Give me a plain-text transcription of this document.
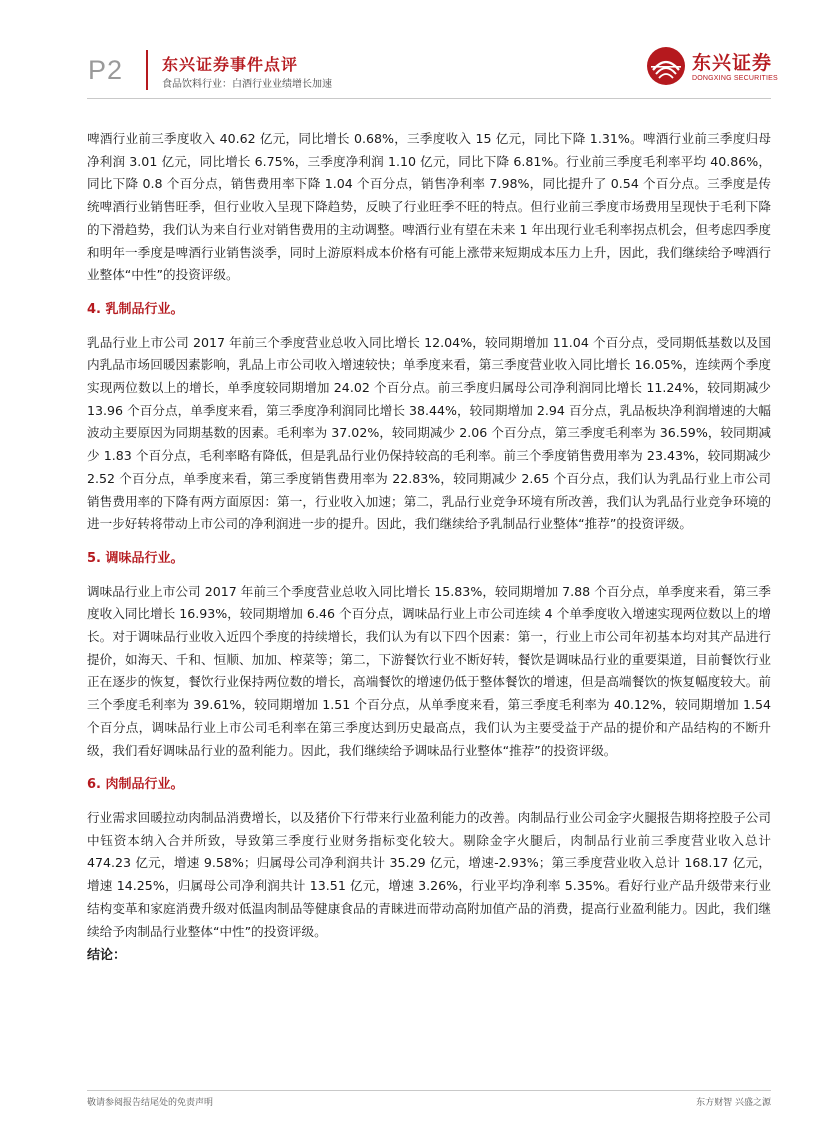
P2 东兴证券事件点评
食品饮料行业：白酒行业业绩增长加速
东兴证券
DONGXING SECURITIES

啤酒行业前三季度收入 40.62 亿元，同比增长 0.68%，三季度收入 15 亿元，同比下降 1.31%。啤酒行业前三季度归母净利润 3.01 亿元，同比增长 6.75%，三季度净利润 1.10 亿元，同比下降 6.81%。行业前三季度毛利率平均 40.86%，同比下降 0.8 个百分点，销售费用率下降 1.04 个百分点，销售净利率 7.98%，同比提升了 0.54 个百分点。三季度是传统啤酒行业销售旺季，但行业收入呈现下降趋势，反映了行业旺季不旺的特点。但行业前三季度市场费用呈现快于毛利下降的下滑趋势，我们认为来自行业对销售费用的主动调整。啤酒行业有望在未来 1 年出现行业毛利率拐点机会，但考虑四季度和明年一季度是啤酒行业销售淡季，同时上游原料成本价格有可能上涨带来短期成本压力上升，因此，我们继续给予啤酒行业整体“中性”的投资评级。

4. 乳制品行业。

乳品行业上市公司 2017 年前三个季度营业总收入同比增长 12.04%，较同期增加 11.04 个百分点，受同期低基数以及国内乳品市场回暖因素影响，乳品上市公司收入增速较快；单季度来看，第三季度营业收入同比增长 16.05%，连续两个季度实现两位数以上的增长，单季度较同期增加 24.02 个百分点。前三季度归属母公司净利润同比增长 11.24%，较同期减少 13.96 个百分点，单季度来看，第三季度净利润同比增长 38.44%，较同期增加 2.94 百分点，乳品板块净利润增速的大幅波动主要原因为同期基数的因素。毛利率为 37.02%，较同期减少 2.06 个百分点，第三季度毛利率为 36.59%，较同期减少 1.83 个百分点，毛利率略有降低，但是乳品行业仍保持较高的毛利率。前三个季度销售费用率为 23.43%，较同期减少 2.52 个百分点，单季度来看，第三季度销售费用率为 22.83%，较同期减少 2.65 个百分点，我们认为乳品行业上市公司销售费用率的下降有两方面原因：第一，行业收入加速；第二，乳品行业竞争环境有所改善，我们认为乳品行业竞争环境的进一步好转将带动上市公司的净利润进一步的提升。因此，我们继续给予乳制品行业整体“推荐”的投资评级。

5. 调味品行业。

调味品行业上市公司 2017 年前三个季度营业总收入同比增长 15.83%，较同期增加 7.88 个百分点，单季度来看，第三季度收入同比增长 16.93%，较同期增加 6.46 个百分点，调味品行业上市公司连续 4 个单季度收入增速实现两位数以上的增长。对于调味品行业收入近四个季度的持续增长，我们认为有以下四个因素：第一，行业上市公司年初基本均对其产品进行提价，如海天、千和、恒顺、加加、榨菜等；第二，下游餐饮行业不断好转，餐饮是调味品行业的重要渠道，目前餐饮行业正在逐步的恢复，餐饮行业保持两位数的增长，高端餐饮的增速仍低于整体餐饮的增速，但是高端餐饮的恢复幅度较大。前三个季度毛利率为 39.61%，较同期增加 1.51 个百分点，从单季度来看，第三季度毛利率为 40.12%，较同期增加 1.54 个百分点，调味品行业上市公司毛利率在第三季度达到历史最高点，我们认为主要受益于产品的提价和产品结构的不断升级，我们看好调味品行业的盈利能力。因此，我们继续给予调味品行业整体“推荐”的投资评级。

6. 肉制品行业。

行业需求回暖拉动肉制品消费增长，以及猪价下行带来行业盈利能力的改善。肉制品行业公司金字火腿报告期将控股子公司中钰资本纳入合并所致，导致第三季度行业财务指标变化较大。剔除金字火腿后，肉制品行业前三季度营业收入总计 474.23 亿元，增速 9.58%；归属母公司净利润共计 35.29 亿元，增速-2.93%；第三季度营业收入总计 168.17 亿元，增速 14.25%，归属母公司净利润共计 13.51 亿元，增速 3.26%，行业平均净利率 5.35%。看好行业产品升级带来行业结构变革和家庭消费升级对低温肉制品等健康食品的青睐进而带动高附加值产品的消费，提高行业盈利能力。因此，我们继续给予肉制品行业整体“中性”的投资评级。

结论：
敬请参阅报告结尾处的免责声明	东方财智 兴盛之源
